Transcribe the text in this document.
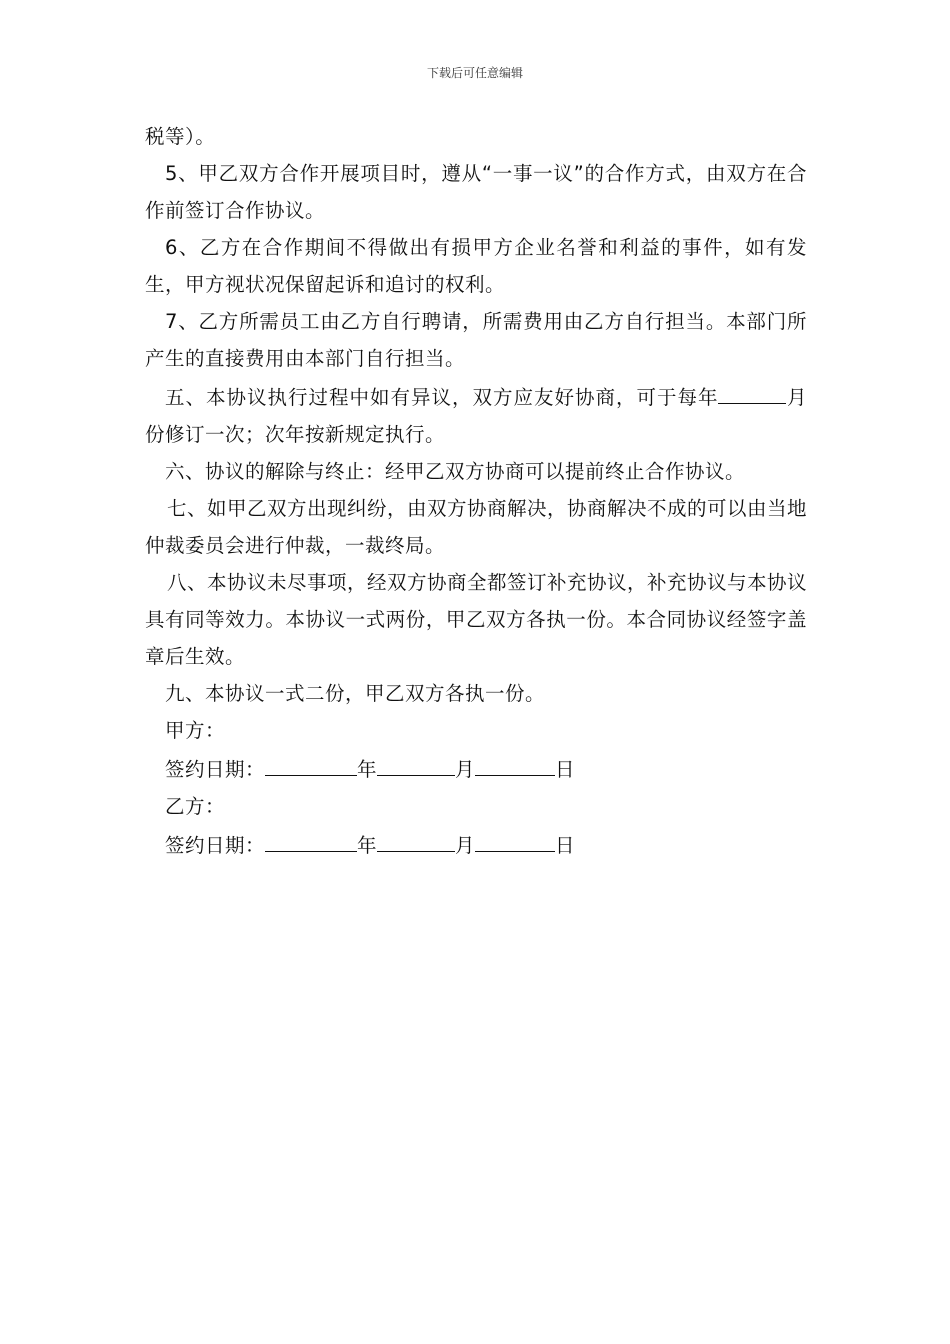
下载后可任意编辑

税等）。

5、甲乙双方合作开展项目时，遵从“一事一议”的合作方式，由双方在合作前签订合作协议。

6、乙方在合作期间不得做出有损甲方企业名誉和利益的事件，如有发生，甲方视状况保留起诉和追讨的权利。

7、乙方所需员工由乙方自行聘请，所需费用由乙方自行担当。本部门所产生的直接费用由本部门自行担当。

五、本协议执行过程中如有异议，双方应友好协商，可于每年	月份修订一次；次年按新规定执行。

六、协议的解除与终止：经甲乙双方协商可以提前终止合作协议。

七、如甲乙双方出现纠纷，由双方协商解决，协商解决不成的可以由当地仲裁委员会进行仲裁，一裁终局。

八、本协议未尽事项，经双方协商全都签订补充协议，补充协议与本协议具有同等效力。本协议一式两份，甲乙双方各执一份。本合同协议经签字盖章后生效。

九、本协议一式二份，甲乙双方各执一份。

甲方：

签约日期：	年	月	日

乙方：

签约日期：	年	月	日
